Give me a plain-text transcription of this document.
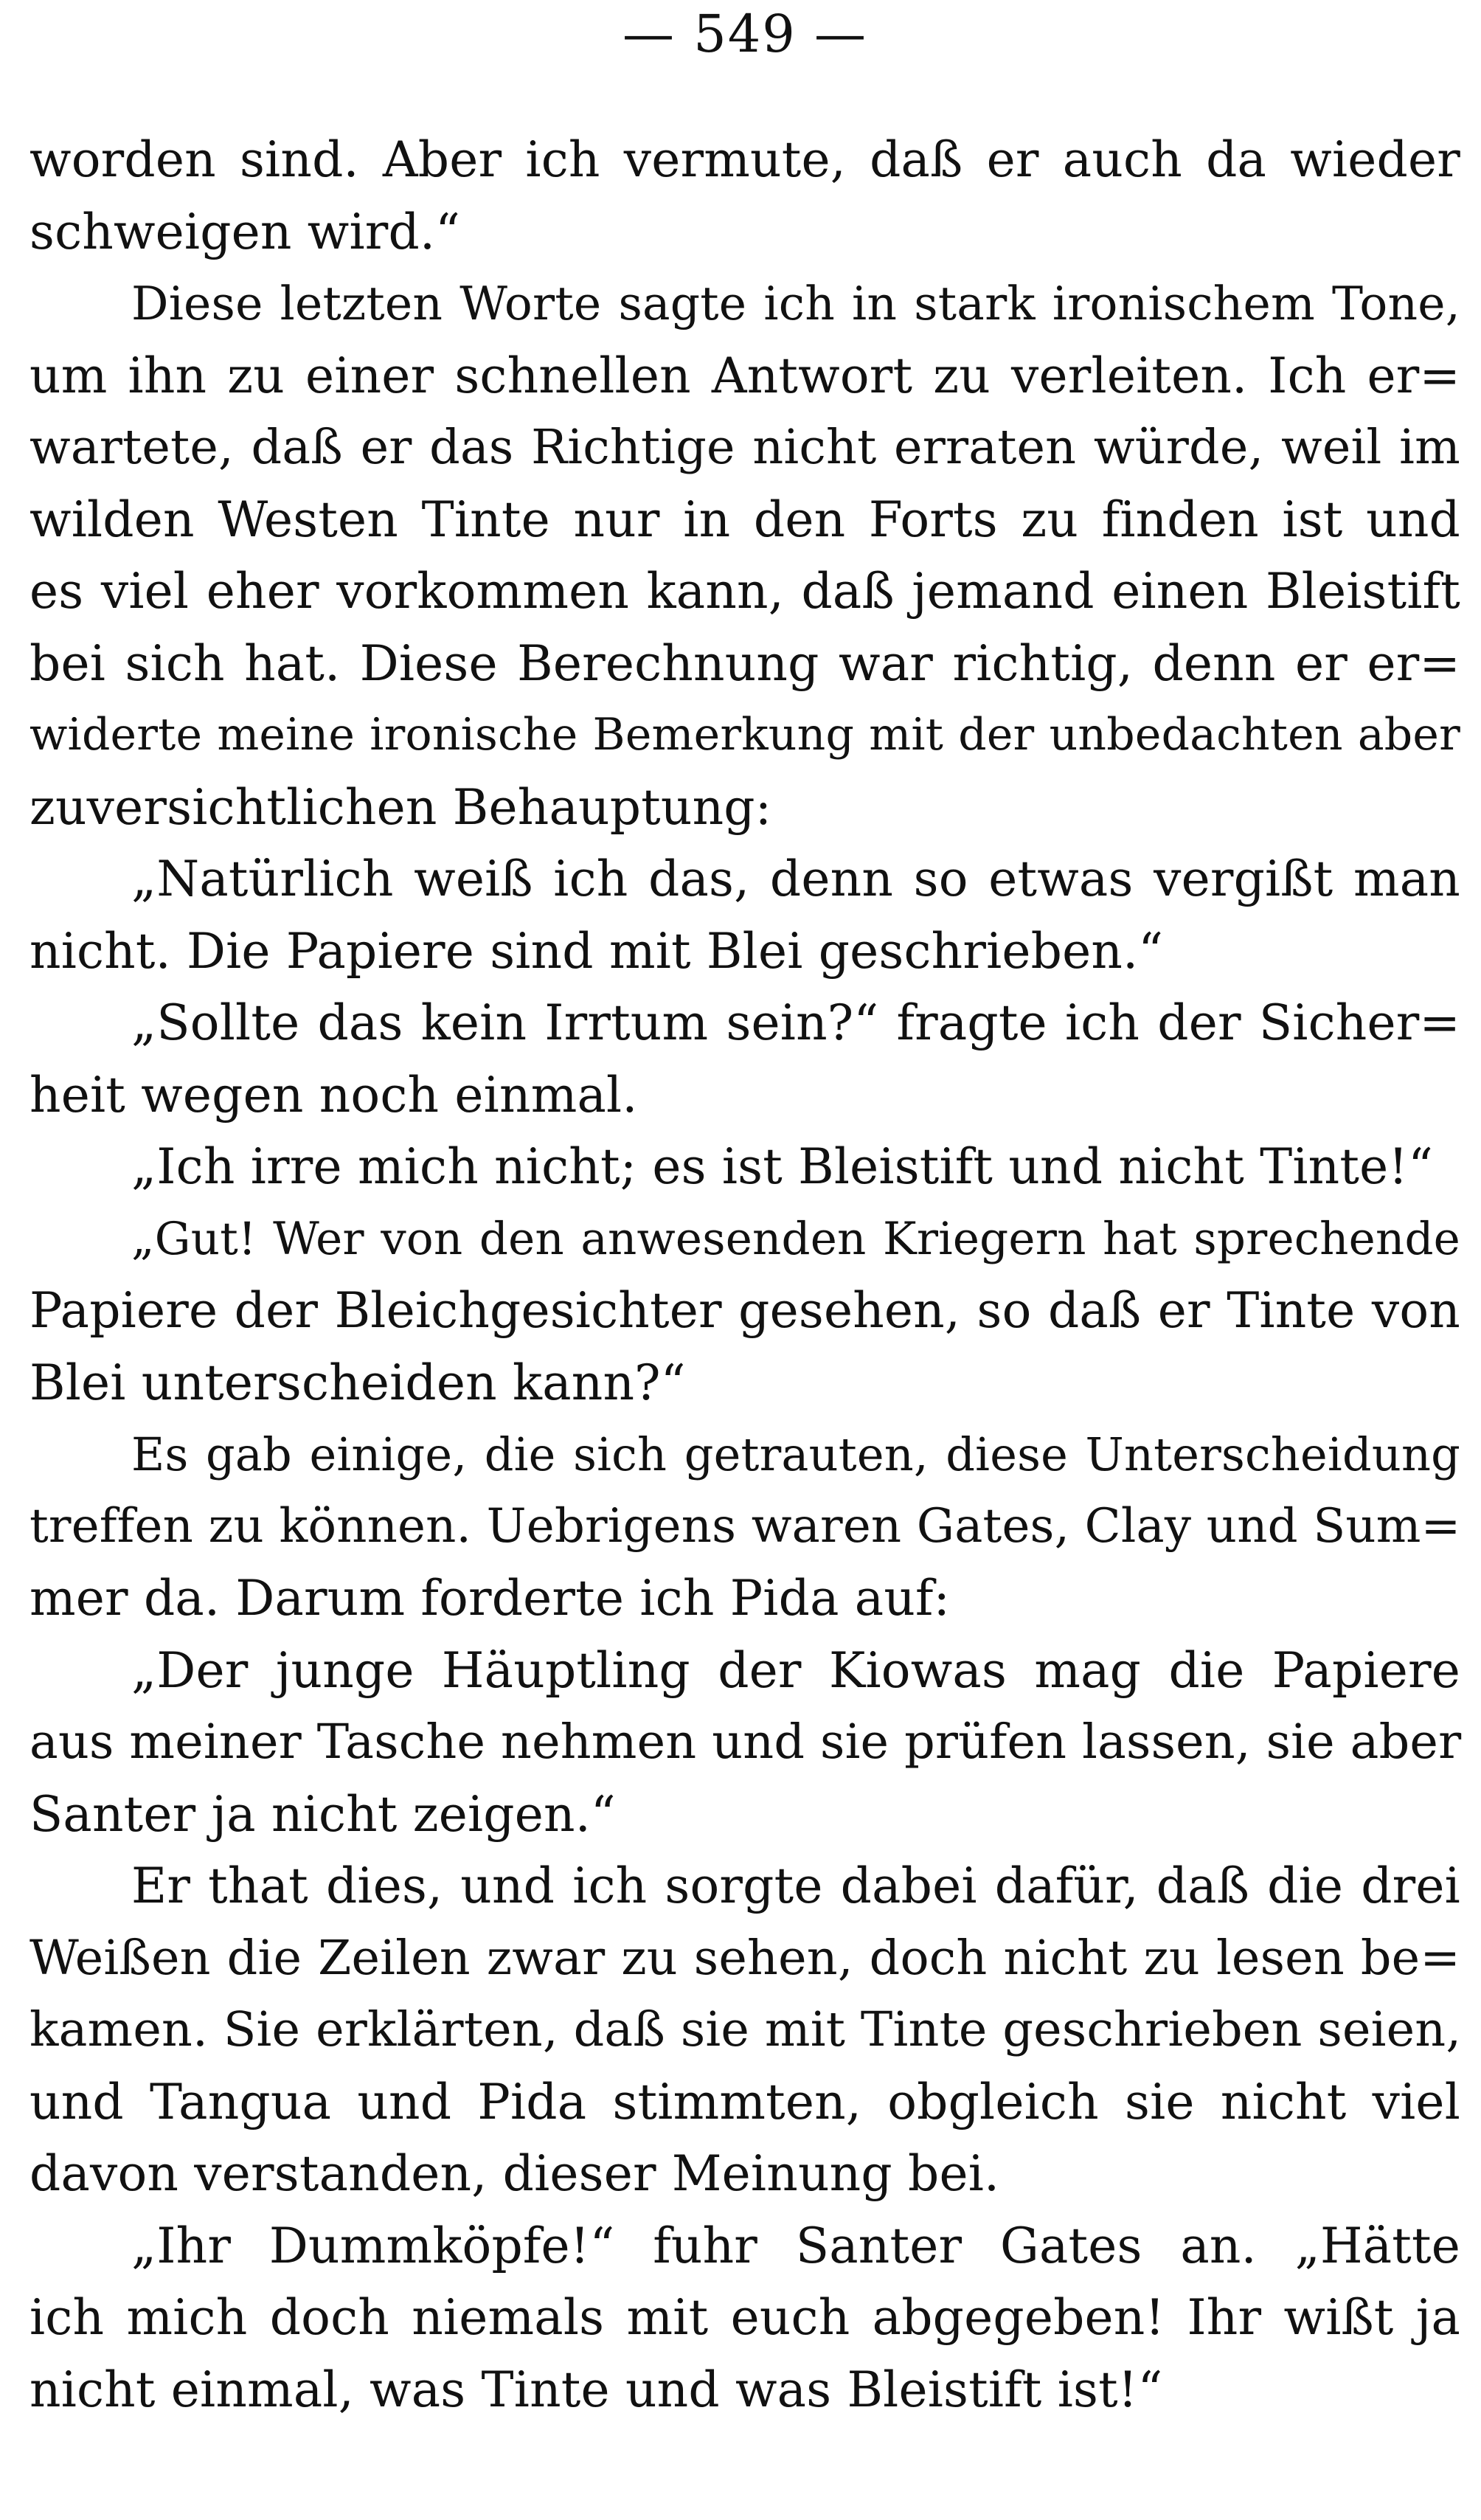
— 549 —
worden sind. Aber ich vermute, daß er auch da wieder
schweigen wird.“
Diese letzten Worte sagte ich in stark ironischem Tone,
um ihn zu einer schnellen Antwort zu verleiten. Ich er=
wartete, daß er das Richtige nicht erraten würde, weil im
wilden Westen Tinte nur in den Forts zu finden ist und
es viel eher vorkommen kann, daß jemand einen Bleistift
bei sich hat. Diese Berechnung war richtig, denn er er=
widerte meine ironische Bemerkung mit der unbedachten aber
zuversichtlichen Behauptung:
„Natürlich weiß ich das, denn so etwas vergißt man
nicht. Die Papiere sind mit Blei geschrieben.“
„Sollte das kein Irrtum sein?“ fragte ich der Sicher=
heit wegen noch einmal.
„Ich irre mich nicht; es ist Bleistift und nicht Tinte!“
„Gut! Wer von den anwesenden Kriegern hat sprechende
Papiere der Bleichgesichter gesehen, so daß er Tinte von
Blei unterscheiden kann?“
Es gab einige, die sich getrauten, diese Unterscheidung
treffen zu können. Uebrigens waren Gates, Clay und Sum=
mer da. Darum forderte ich Pida auf:
„Der junge Häuptling der Kiowas mag die Papiere
aus meiner Tasche nehmen und sie prüfen lassen, sie aber
Santer ja nicht zeigen.“
Er that dies, und ich sorgte dabei dafür, daß die drei
Weißen die Zeilen zwar zu sehen, doch nicht zu lesen be=
kamen. Sie erklärten, daß sie mit Tinte geschrieben seien,
und Tangua und Pida stimmten, obgleich sie nicht viel
davon verstanden, dieser Meinung bei.
„Ihr Dummköpfe!“ fuhr Santer Gates an. „Hätte
ich mich doch niemals mit euch abgegeben! Ihr wißt ja
nicht einmal, was Tinte und was Bleistift ist!“
